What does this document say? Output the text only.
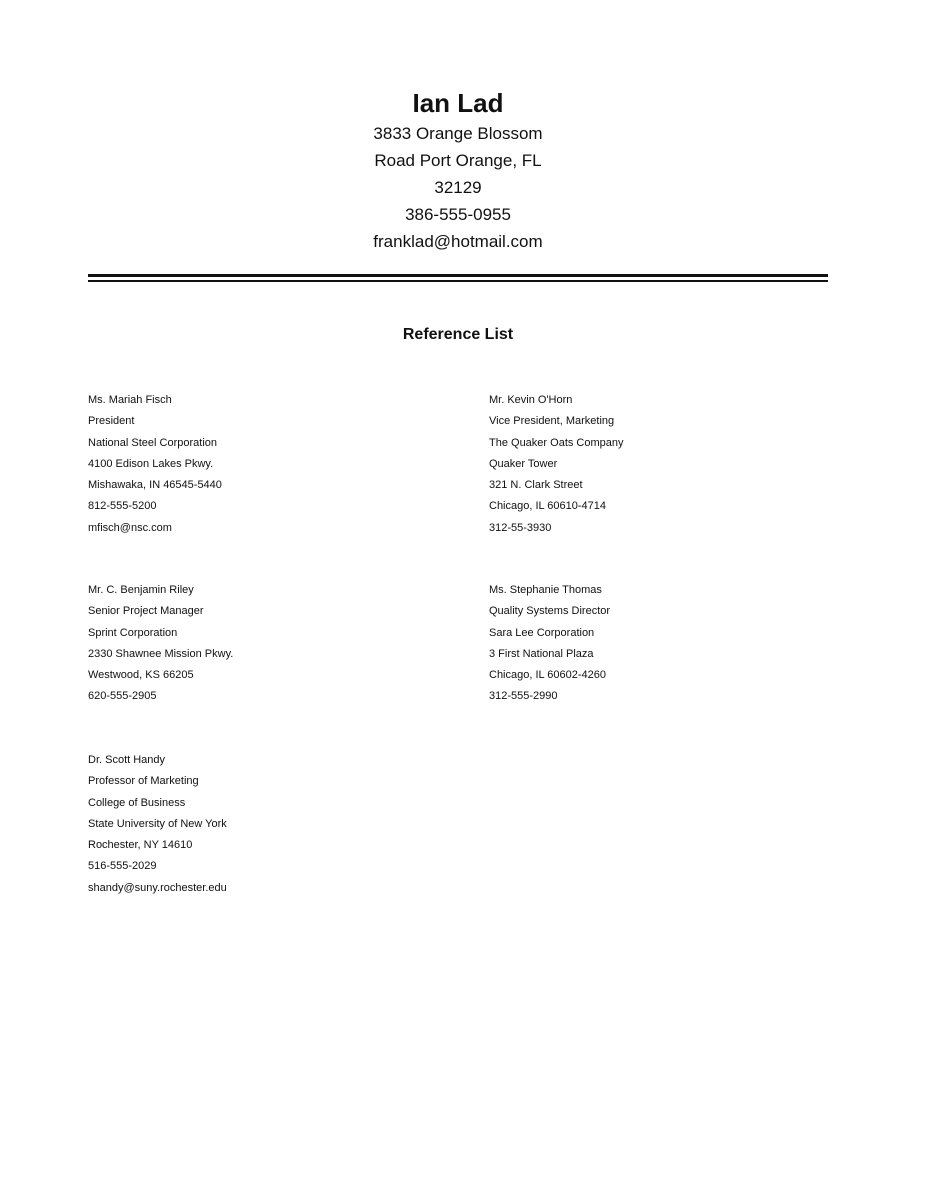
Ian Lad

3833 Orange Blossom

Road Port Orange, FL

32129

386-555-0955

franklad@hotmail.com

Reference List

Ms. Mariah Fisch

President

National Steel Corporation

4100 Edison Lakes Pkwy.

Mishawaka, IN 46545-5440

812-555-5200

mfisch@nsc.com

Mr. Kevin O'Horn

Vice President, Marketing

The Quaker Oats Company

Quaker Tower

321 N. Clark Street

Chicago, IL 60610-4714

312-55-3930

Mr. C. Benjamin Riley

Senior Project Manager

Sprint Corporation

2330 Shawnee Mission Pkwy.

Westwood, KS 66205

620-555-2905

Ms. Stephanie Thomas

Quality Systems Director

Sara Lee Corporation

3 First National Plaza

Chicago, IL 60602-4260

312-555-2990

Dr. Scott Handy

Professor of Marketing

College of Business

State University of New York

Rochester, NY 14610

516-555-2029

shandy@suny.rochester.edu
